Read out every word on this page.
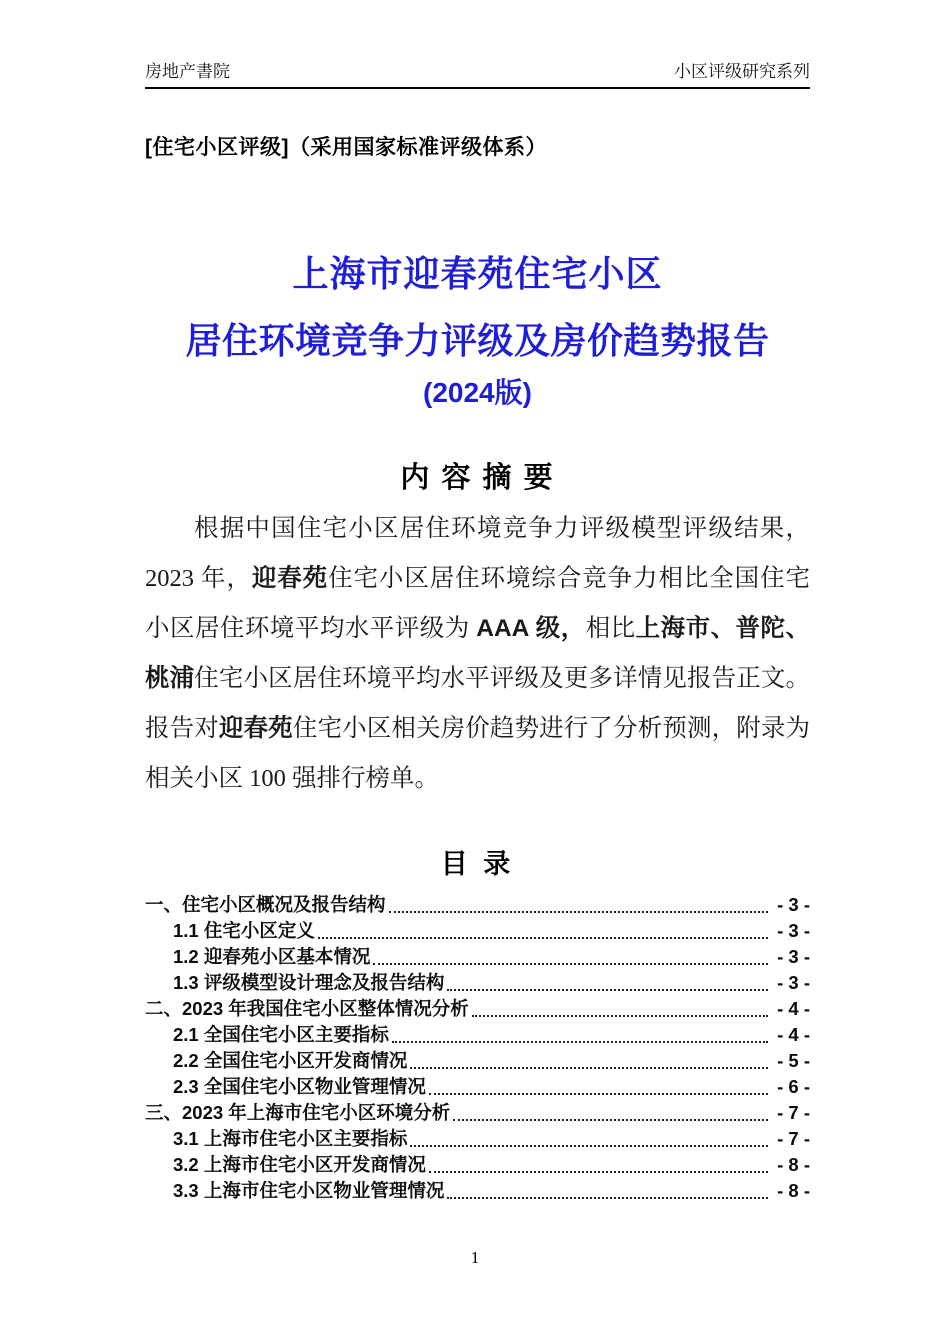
房地产書院	小区评级研究系列
[住宅小区评级]（采用国家标准评级体系）
上海市迎春苑住宅小区
居住环境竞争力评级及房价趋势报告
(2024版)
内 容 摘 要

根据中国住宅小区居住环境竞争力评级模型评级结果，2023 年，迎春苑住宅小区居住环境综合竞争力相比全国住宅小区居住环境平均水平评级为 AAA 级，相比上海市、普陀、桃浦住宅小区居住环境平均水平评级及更多详情见报告正文。报告对迎春苑住宅小区相关房价趋势进行了分析预测，附录为相关小区 100 强排行榜单。

目 录
一、住宅小区概况及报告结构	- 3 -
1.1 住宅小区定义	- 3 -
1.2 迎春苑小区基本情况	- 3 -
1.3 评级模型设计理念及报告结构	- 3 -
二、2023 年我国住宅小区整体情况分析	- 4 -
2.1 全国住宅小区主要指标	- 4 -
2.2 全国住宅小区开发商情况	- 5 -
2.3 全国住宅小区物业管理情况	- 6 -
三、2023 年上海市住宅小区环境分析	- 7 -
3.1 上海市住宅小区主要指标	- 7 -
3.2 上海市住宅小区开发商情况	- 8 -
3.3 上海市住宅小区物业管理情况	- 8 -
1
